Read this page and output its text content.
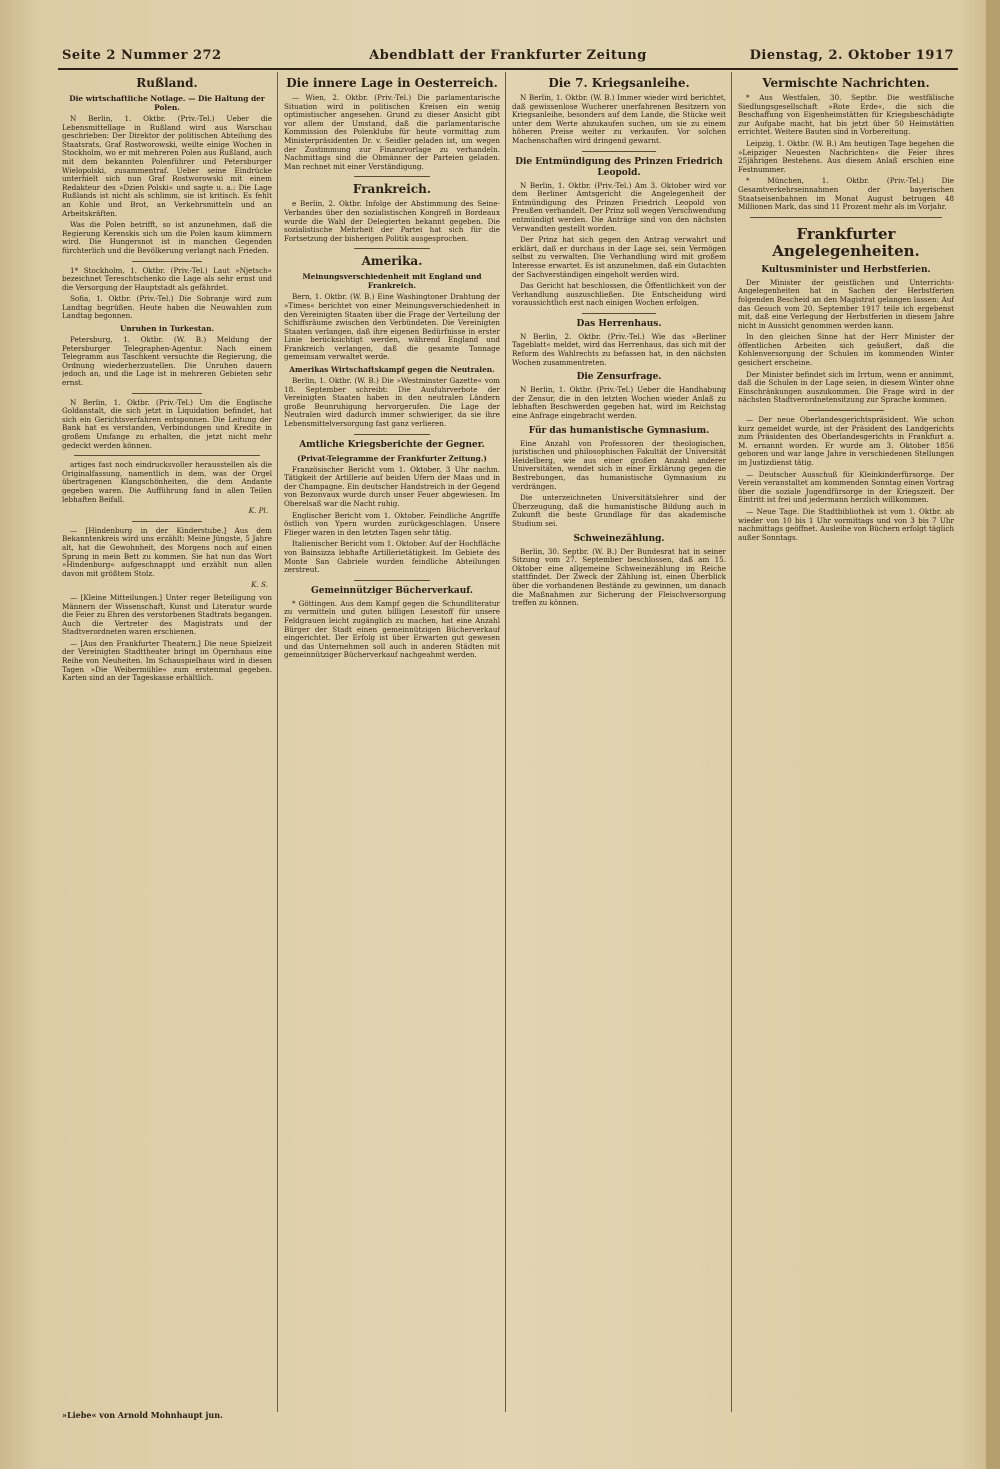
Seite 2 Nummer 272	Abendblatt der Frankfurter Zeitung	Dienstag, 2. Oktober 1917
Rußland.
Die wirtschaftliche Notlage. — Die Haltung der Polen.

N Berlin, 1. Oktbr. (Priv.-Tel.) Ueber die Lebensmittellage in Rußland wird aus Warschau geschrieben: Der Direktor der politischen Abteilung des Staatsrats, Graf Rostworowski, weilte einige Wochen in Stockholm, wo er mit mehreren Polen aus Rußland, auch mit dem bekannten Polenführer und Petersburger Wielopolski, zusammentraf. Ueber seine Eindrücke unterhielt sich nun Graf Rostworowski mit einem Redakteur des »Dzien Polski« und sagte u. a.: Die Lage Rußlands ist nicht als schlimm, sie ist kritisch. Es fehlt an Kohle und Brot, an Verkehrsmitteln und an Arbeitskräften.

Was die Polen betrifft, so ist anzunehmen, daß die Regierung Kerenskis sich um die Polen kaum kümmern wird. Die Hungersnot ist in manchen Gegenden fürchterlich und die Bevölkerung verlangt nach Frieden.

1* Stockholm, 1. Oktbr. (Priv.-Tel.) Laut »Njetsch« bezeichnet Tereschtschenko die Lage als sehr ernst und die Versorgung der Hauptstadt als gefährdet.

Sofia, 1. Oktbr. (Priv.-Tel.) Die Sobranje wird zum Landtag begrüßen. Heute haben die Neuwahlen zum Landtag begonnen.

Unruhen in Turkestan.

Petersburg, 1. Oktbr. (W. B.) Meldung der Petersburger Telegraphen-Agentur. Nach einem Telegramm aus Taschkent versuchte die Regierung, die Ordnung wiederherzustellen. Die Unruhen dauern jedoch an, und die Lage ist in mehreren Gebieten sehr ernst.

N Berlin, 1. Oktbr. (Priv.-Tel.) Um die Englische Goldanstalt, die sich jetzt in Liquidation befindet, hat sich ein Gerichtsverfahren entsponnen. Die Leitung der Bank hat es verstanden, Verbindungen und Kredite in großem Umfange zu erhalten, die jetzt nicht mehr gedeckt werden können.

artiges fast noch eindrucksvoller herausstellen als die Originalfassung, namentlich in dem, was der Orgel übertragenen Klangschönheiten, die dem Andante gegeben waren. Die Aufführung fand in allen Teilen lebhaften Beifall.

K. Pl.

— [Hindenburg in der Kinderstube.] Aus dem Bekanntenkreis wird uns erzählt: Meine Jüngste, 5 Jahre alt, hat die Gewohnheit, des Morgens noch auf einen Sprung in mein Bett zu kommen. Sie hat nun das Wort »Hindenburg« aufgeschnappt und erzählt nun allen davon mit größtem Stolz.

K. S.

— [Kleine Mitteilungen.] Unter reger Beteiligung von Männern der Wissenschaft, Kunst und Literatur wurde die Feier zu Ehren des verstorbenen Stadtrats begangen. Auch die Vertreter des Magistrats und der Stadtverordneten waren erschienen.

— [Aus den Frankfurter Theatern.] Die neue Spielzeit der Vereinigten Stadttheater bringt im Opernhaus eine Reihe von Neuheiten. Im Schauspielhaus wird in diesen Tagen »Die Weibermühle« zum erstenmal gegeben. Karten sind an der Tageskasse erhältlich.

Die innere Lage in Oesterreich.

— Wien, 2. Oktbr. (Priv.-Tel.) Die parlamentarische Situation wird in politischen Kreisen ein wenig optimistischer angesehen. Grund zu dieser Ansicht gibt vor allem der Umstand, daß die parlamentarische Kommission des Polenklubs für heute vormittag zum Ministerpräsidenten Dr. v. Seidler geladen ist, um wegen der Zustimmung zur Finanzvorlage zu verhandeln. Nachmittags sind die Obmänner der Parteien geladen. Man rechnet mit einer Verständigung.

Frankreich.

e Berlin, 2. Oktbr. Infolge der Abstimmung des Seine-Verbandes über den sozialistischen Kongreß in Bordeaux wurde die Wahl der Delegierten bekannt gegeben. Die sozialistische Mehrheit der Partei hat sich für die Fortsetzung der bisherigen Politik ausgesprochen.

Amerika.
Meinungsverschiedenheit mit England und Frankreich.

Bern, 1. Oktbr. (W. B.) Eine Washingtoner Drahtung der »Times« berichtet von einer Meinungsverschiedenheit in den Vereinigten Staaten über die Frage der Verteilung der Schiffsräume zwischen den Verbündeten. Die Vereinigten Staaten verlangen, daß ihre eigenen Bedürfnisse in erster Linie berücksichtigt werden, während England und Frankreich verlangen, daß die gesamte Tonnage gemeinsam verwaltet werde.

Amerikas Wirtschaftskampf gegen die Neutralen.

Berlin, 1. Oktbr. (W. B.) Die »Westminster Gazette« vom 18. September schreibt: Die Ausfuhrverbote der Vereinigten Staaten haben in den neutralen Ländern große Beunruhigung hervorgerufen. Die Lage der Neutralen wird dadurch immer schwieriger, da sie ihre Lebensmittelversorgung fast ganz verlieren.

Amtliche Kriegsberichte der Gegner.
(Privat-Telegramme der Frankfurter Zeitung.)

Französischer Bericht vom 1. Oktober, 3 Uhr nachm. Tätigkeit der Artillerie auf beiden Ufern der Maas und in der Champagne. Ein deutscher Handstreich in der Gegend von Bezonvaux wurde durch unser Feuer abgewiesen. Im Oberelsaß war die Nacht ruhig.

Englischer Bericht vom 1. Oktober. Feindliche Angriffe östlich von Ypern wurden zurückgeschlagen. Unsere Flieger waren in den letzten Tagen sehr tätig.

Italienischer Bericht vom 1. Oktober. Auf der Hochfläche von Bainsizza lebhafte Artillerietätigkeit. Im Gebiete des Monte San Gabriele wurden feindliche Abteilungen zerstreut.

Gemeinnütziger Bücherverkauf.

* Göttingen. Aus dem Kampf gegen die Schundliteratur zu vermitteln und guten billigen Lesestoff für unsere Feldgrauen leicht zugänglich zu machen, hat eine Anzahl Bürger der Stadt einen gemeinnützigen Bücherverkauf eingerichtet. Der Erfolg ist über Erwarten gut gewesen und das Unternehmen soll auch in anderen Städten mit gemeinnütziger Bücherverkauf nachgeahmt werden.

Die 7. Kriegsanleihe.

N Berlin, 1. Oktbr. (W. B.) Immer wieder wird berichtet, daß gewissenlose Wucherer unerfahrenen Besitzern von Kriegsanleihe, besonders auf dem Lande, die Stücke weit unter dem Werte abzukaufen suchen, um sie zu einem höheren Preise weiter zu verkaufen. Vor solchen Machenschaften wird dringend gewarnt.

Die Entmündigung des Prinzen Friedrich Leopold.

N Berlin, 1. Oktbr. (Priv.-Tel.) Am 3. Oktober wird vor dem Berliner Amtsgericht die Angelegenheit der Entmündigung des Prinzen Friedrich Leopold von Preußen verhandelt. Der Prinz soll wegen Verschwendung entmündigt werden. Die Anträge sind von den nächsten Verwandten gestellt worden.

Der Prinz hat sich gegen den Antrag verwahrt und erklärt, daß er durchaus in der Lage sei, sein Vermögen selbst zu verwalten. Die Verhandlung wird mit großem Interesse erwartet. Es ist anzunehmen, daß ein Gutachten der Sachverständigen eingeholt werden wird.

Das Gericht hat beschlossen, die Öffentlichkeit von der Verhandlung auszuschließen. Die Entscheidung wird voraussichtlich erst nach einigen Wochen erfolgen.

Das Herrenhaus.

N Berlin, 2. Oktbr. (Priv.-Tel.) Wie das »Berliner Tageblatt« meldet, wird das Herrenhaus, das sich mit der Reform des Wahlrechts zu befassen hat, in den nächsten Wochen zusammentreten.

Die Zensurfrage.

N Berlin, 1. Oktbr. (Priv.-Tel.) Ueber die Handhabung der Zensur, die in den letzten Wochen wieder Anlaß zu lebhaften Beschwerden gegeben hat, wird im Reichstag eine Anfrage eingebracht werden.

Für das humanistische Gymnasium.

Eine Anzahl von Professoren der theologischen, juristischen und philosophischen Fakultät der Universität Heidelberg, wie aus einer großen Anzahl anderer Universitäten, wendet sich in einer Erklärung gegen die Bestrebungen, das humanistische Gymnasium zu verdrängen.

Die unterzeichneten Universitätslehrer sind der Überzeugung, daß die humanistische Bildung auch in Zukunft die beste Grundlage für das akademische Studium sei.

Schweinezählung.

Berlin, 30. Septbr. (W. B.) Der Bundesrat hat in seiner Sitzung vom 27. September beschlossen, daß am 15. Oktober eine allgemeine Schweinezählung im Reiche stattfindet. Der Zweck der Zählung ist, einen Überblick über die vorhandenen Bestände zu gewinnen, um danach die Maßnahmen zur Sicherung der Fleischversorgung treffen zu können.

Vermischte Nachrichten.

* Aus Westfalen, 30. Septbr. Die westfälische Siedlungsgesellschaft »Rote Erde«, die sich die Beschaffung von Eigenheimstätten für Kriegsbeschädigte zur Aufgabe macht, hat bis jetzt über 50 Heimstätten errichtet. Weitere Bauten sind in Vorbereitung.

Leipzig, 1. Oktbr. (W. B.) Am heutigen Tage begehen die »Leipziger Neuesten Nachrichten« die Feier ihres 25jährigen Bestehens. Aus diesem Anlaß erschien eine Festnummer.

* München, 1. Oktbr. (Priv.-Tel.) Die Gesamtverkehrseinnahmen der bayerischen Staatseisenbahnen im Monat August betrugen 48 Millionen Mark, das sind 11 Prozent mehr als im Vorjahr.

Frankfurter Angelegenheiten.
Kultusminister und Herbstferien.

Der Minister der geistlichen und Unterrichts-Angelegenheiten hat in Sachen der Herbstferien folgenden Bescheid an den Magistrat gelangen lassen: Auf das Gesuch vom 20. September 1917 teile ich ergebenst mit, daß eine Verlegung der Herbstferien in diesem Jahre nicht in Aussicht genommen werden kann.

In den gleichen Sinne hat der Herr Minister der öffentlichen Arbeiten sich geäußert, daß die Kohlenversorgung der Schulen im kommenden Winter gesichert erscheine.

Der Minister befindet sich im Irrtum, wenn er annimmt, daß die Schulen in der Lage seien, in diesem Winter ohne Einschränkungen auszukommen. Die Frage wird in der nächsten Stadtverordnetensitzung zur Sprache kommen.

— Der neue Oberlandesgerichtspräsident. Wie schon kurz gemeldet wurde, ist der Präsident des Landgerichts zum Präsidenten des Oberlandesgerichts in Frankfurt a. M. ernannt worden. Er wurde am 3. Oktober 1856 geboren und war lange Jahre in verschiedenen Stellungen im Justizdienst tätig.

— Deutscher Ausschuß für Kleinkinderfürsorge. Der Verein veranstaltet am kommenden Sonntag einen Vortrag über die soziale Jugendfürsorge in der Kriegszeit. Der Eintritt ist frei und jedermann herzlich willkommen.

— Neue Tage. Die Stadtbibliothek ist vom 1. Oktbr. ab wieder von 10 bis 1 Uhr vormittags und von 3 bis 7 Uhr nachmittags geöffnet. Ausleihe von Büchern erfolgt täglich außer Sonntags.

»Liebe« von Arnold Mohnhaupt jun.
